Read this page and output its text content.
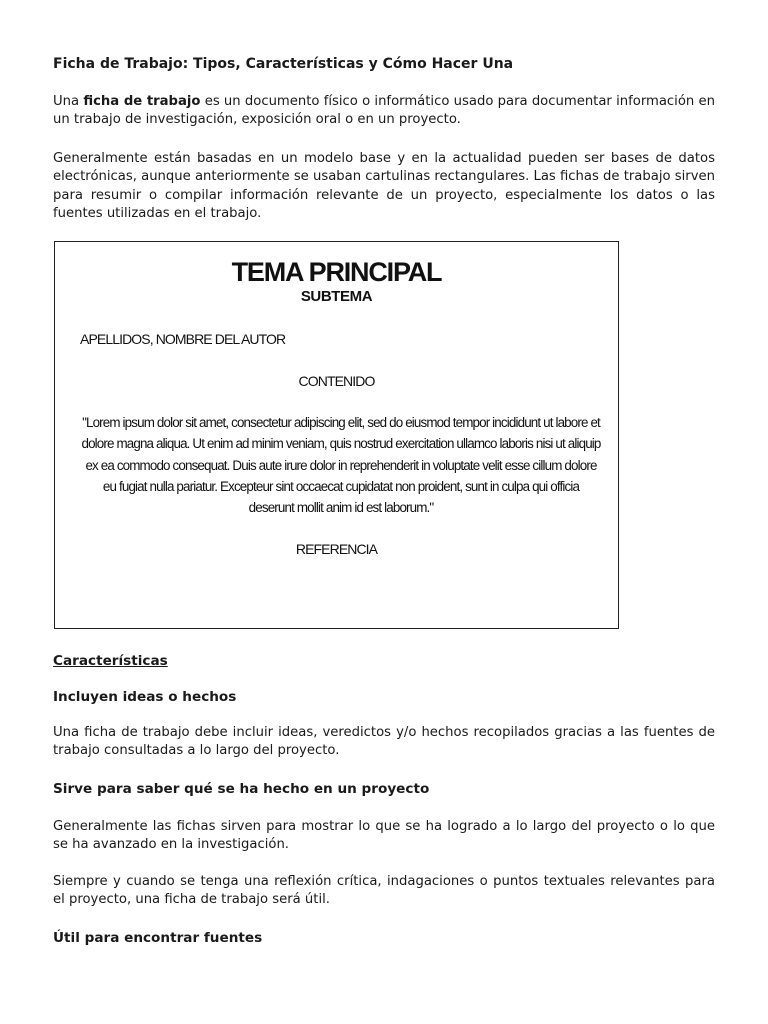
Ficha de Trabajo: Tipos, Características y Cómo Hacer Una

Una ficha de trabajo es un documento físico o informático usado para documentar información en un trabajo de investigación, exposición oral o en un proyecto.

Generalmente están basadas en un modelo base y en la actualidad pueden ser bases de datos electrónicas, aunque anteriormente se usaban cartulinas rectangulares. Las fichas de trabajo sirven para resumir o compilar información relevante de un proyecto, especialmente los datos o las fuentes utilizadas en el trabajo.

Características
Incluyen ideas o hechos

Una ficha de trabajo debe incluir ideas, veredictos y/o hechos recopilados gracias a las fuentes de trabajo consultadas a lo largo del proyecto.

Sirve para saber qué se ha hecho en un proyecto

Generalmente las fichas sirven para mostrar lo que se ha logrado a lo largo del proyecto o lo que se ha avanzado en la investigación.

Siempre y cuando se tenga una reflexión crítica, indagaciones o puntos textuales relevantes para el proyecto, una ficha de trabajo será útil.

Útil para encontrar fuentes
TEMA PRINCIPAL
SUBTEMA
APELLIDOS, NOMBRE DEL AUTOR
CONTENIDO

"Lorem ipsum dolor sit amet, consectetur adipiscing elit, sed do eiusmod tempor incididunt ut labore et dolore magna aliqua. Ut enim ad minim veniam, quis nostrud exercitation ullamco laboris nisi ut aliquip ex ea commodo consequat. Duis aute irure dolor in reprehenderit in voluptate velit esse cillum dolore eu fugiat nulla pariatur. Excepteur sint occaecat cupidatat non proident, sunt in culpa qui officia deserunt mollit anim id est laborum."

REFERENCIA
